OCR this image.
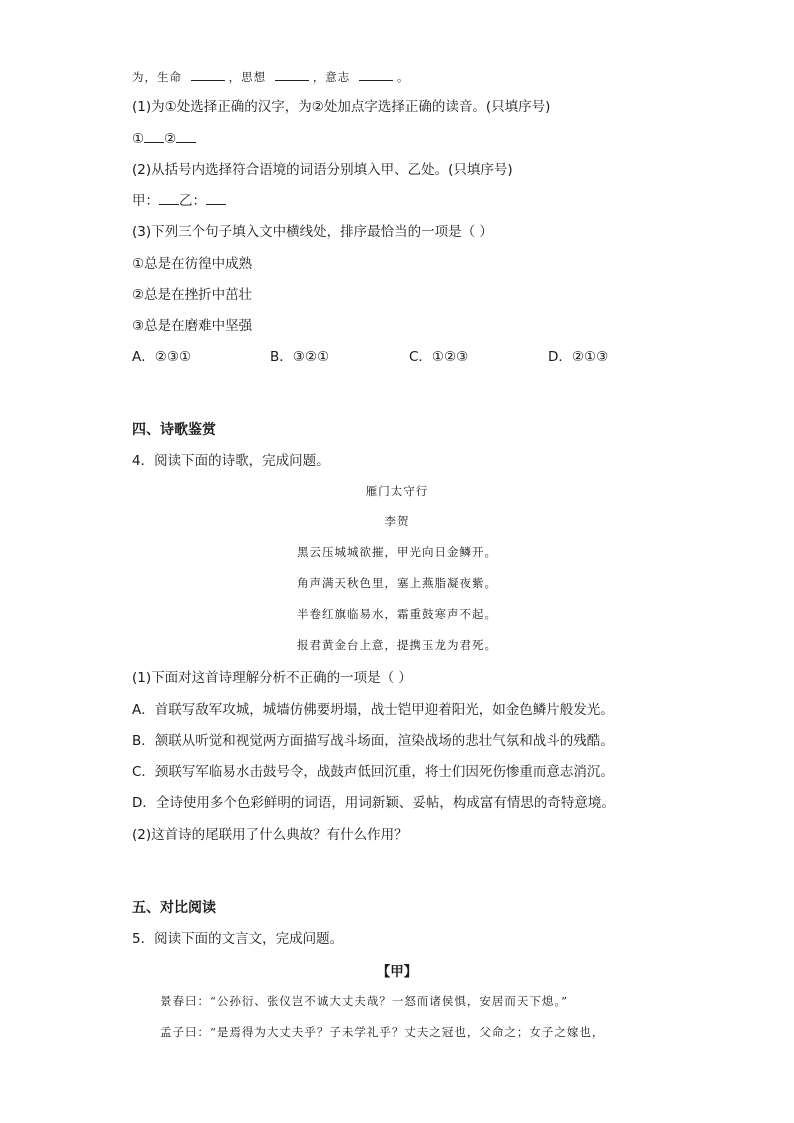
为，生命	，思想	，意志	。
(1)为①处选择正确的汉字，为②处加点字选择正确的读音。(只填序号)
① ②
(2)从括号内选择符合语境的词语分别填入甲、乙处。(只填序号)
甲： 乙：
(3)下列三个句子填入文中横线处，排序最恰当的一项是（ ）
①总是在彷徨中成熟
②总是在挫折中茁壮
③总是在磨难中坚强
A．②③①	B．③②①	C．①②③	D．②①③
四、诗歌鉴赏
4．阅读下面的诗歌，完成问题。
雁门太守行
李贺
黑云压城城欲摧，甲光向日金鳞开。
角声满天秋色里，塞上燕脂凝夜紫。
半卷红旗临易水，霜重鼓寒声不起。
报君黄金台上意，提携玉龙为君死。
(1)下面对这首诗理解分析不正确的一项是（ ）
A．首联写敌军攻城，城墙仿佛要坍塌，战士铠甲迎着阳光，如金色鳞片般发光。
B．颔联从听觉和视觉两方面描写战斗场面，渲染战场的悲壮气氛和战斗的残酷。
C．颈联写军临易水击鼓号令，战鼓声低回沉重，将士们因死伤惨重而意志消沉。
D．全诗使用多个色彩鲜明的词语，用词新颖、妥帖，构成富有情思的奇特意境。
(2)这首诗的尾联用了什么典故？有什么作用？
五、对比阅读
5．阅读下面的文言文，完成问题。
【甲】
景春曰：“公孙衍、张仪岂不诚大丈夫哉？一怒而诸侯惧，安居而天下熄。”
孟子曰：“是焉得为大丈夫乎？子未学礼乎？丈夫之冠也，父命之；女子之嫁也，
